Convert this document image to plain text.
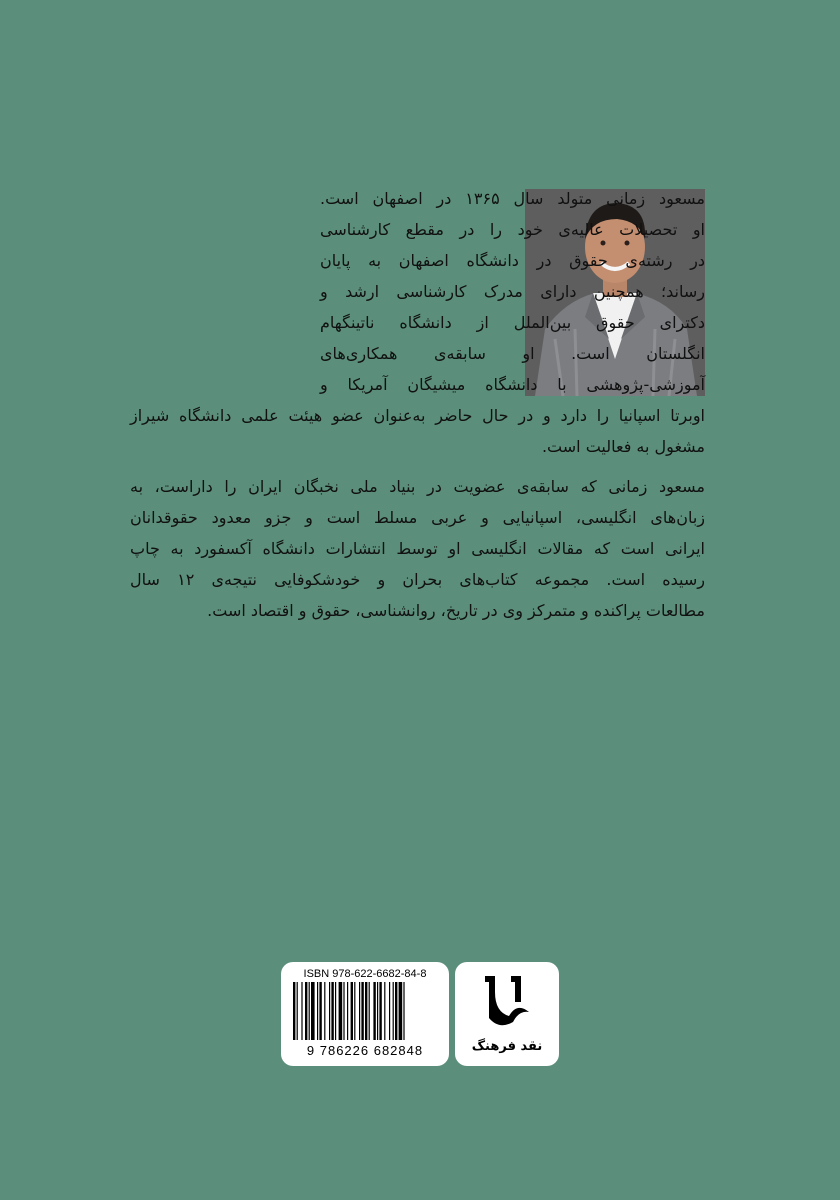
مسعود زمانی متولد سال ۱۳۶۵ در اصفهان است.
او تحصیلات عالیه‌ی خود را در مقطع کارشناسی
در رشته‌ی حقوق در دانشگاه اصفهان به پایان
رساند؛ همچنین دارای مدرک کارشناسی ارشد و
دکترای حقوق بین‌الملل از دانشگاه ناتینگهام
انگلستان است. او سابقه‌ی همکاری‌های
آموزشی-پژوهشی با دانشگاه میشیگان آمریکا و
اوبرتا اسپانیا را دارد و در حال حاضر به‌عنوان عضو هیئت علمی دانشگاه شیراز
مشغول به فعالیت است.
مسعود زمانی که سابقه‌ی عضویت در بنیاد ملی نخبگان ایران را داراست، به
زبان‌های انگلیسی، اسپانیایی و عربی مسلط است و جزو معدود حقوقدانان
ایرانی است که مقالات انگلیسی او توسط انتشارات دانشگاه آکسفورد به چاپ
رسیده است. مجموعه کتاب‌های بحران و خودشکوفایی نتیجه‌ی ۱۲ سال
مطالعات پراکنده و متمرکز وی در تاریخ، روانشناسی، حقوق و اقتصاد است.
ISBN 978-622-6682-84-8
9 786226 682848	نقد فرهنگ
